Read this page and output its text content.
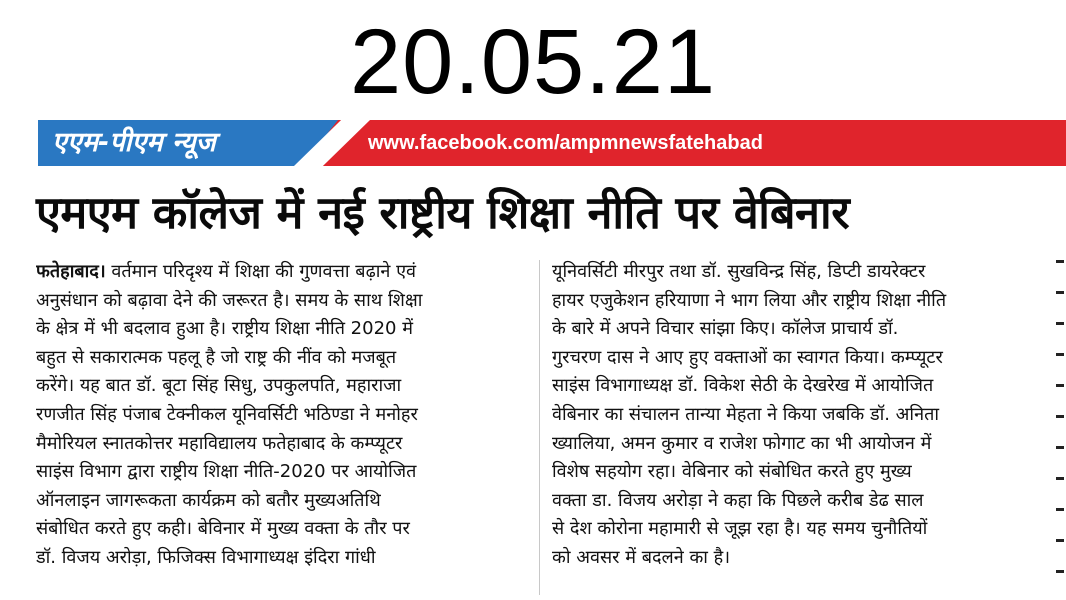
20.05.21
एएम-पीएम न्यूज	www.facebook.com/ampmnewsfatehabad
एमएम कॉलेज में नई राष्ट्रीय शिक्षा नीति पर वेबिनार
फतेहाबाद। वर्तमान परिदृश्य में शिक्षा की गुणवत्ता बढ़ाने एवं
अनुसंधान को बढ़ावा देने की जरूरत है। समय के साथ शिक्षा
के क्षेत्र में भी बदलाव हुआ है। राष्ट्रीय शिक्षा नीति 2020 में
बहुत से सकारात्मक पहलू है जो राष्ट्र की नींव को मजबूत
करेंगे। यह बात डॉ. बूटा सिंह सिधु, उपकुलपति, महाराजा
रणजीत सिंह पंजाब टेक्नीकल यूनिवर्सिटी भठिण्डा ने मनोहर
मैमोरियल स्नातकोत्तर महाविद्यालय फतेहाबाद के कम्प्यूटर
साइंस विभाग द्वारा राष्ट्रीय शिक्षा नीति-2020 पर आयोजित
ऑनलाइन जागरूकता कार्यक्रम को बतौर मुख्यअतिथि
संबोधित करते हुए कही। बेविनार में मुख्य वक्ता के तौर पर
डॉ. विजय अरोड़ा, फिजिक्स विभागाध्यक्ष इंदिरा गांधी
यूनिवर्सिटी मीरपुर तथा डॉ. सुखविन्द्र सिंह, डिप्टी डायरेक्टर
हायर एजुकेशन हरियाणा ने भाग लिया और राष्ट्रीय शिक्षा नीति
के बारे में अपने विचार सांझा किए। कॉलेज प्राचार्य डॉ.
गुरचरण दास ने आए हुए वक्ताओं का स्वागत किया। कम्प्यूटर
साइंस विभागाध्यक्ष डॉ. विकेश सेठी के देखरेख में आयोजित
वेबिनार का संचालन तान्या मेहता ने किया जबकि डॉ. अनिता
ख्यालिया, अमन कुमार व राजेश फोगाट का भी आयोजन में
विशेष सहयोग रहा। वेबिनार को संबोधित करते हुए मुख्य
वक्ता डा. विजय अरोड़ा ने कहा कि पिछले करीब डेढ साल
से देश कोरोना महामारी से जूझ रहा है। यह समय चुनौतियों
को अवसर में बदलने का है।
